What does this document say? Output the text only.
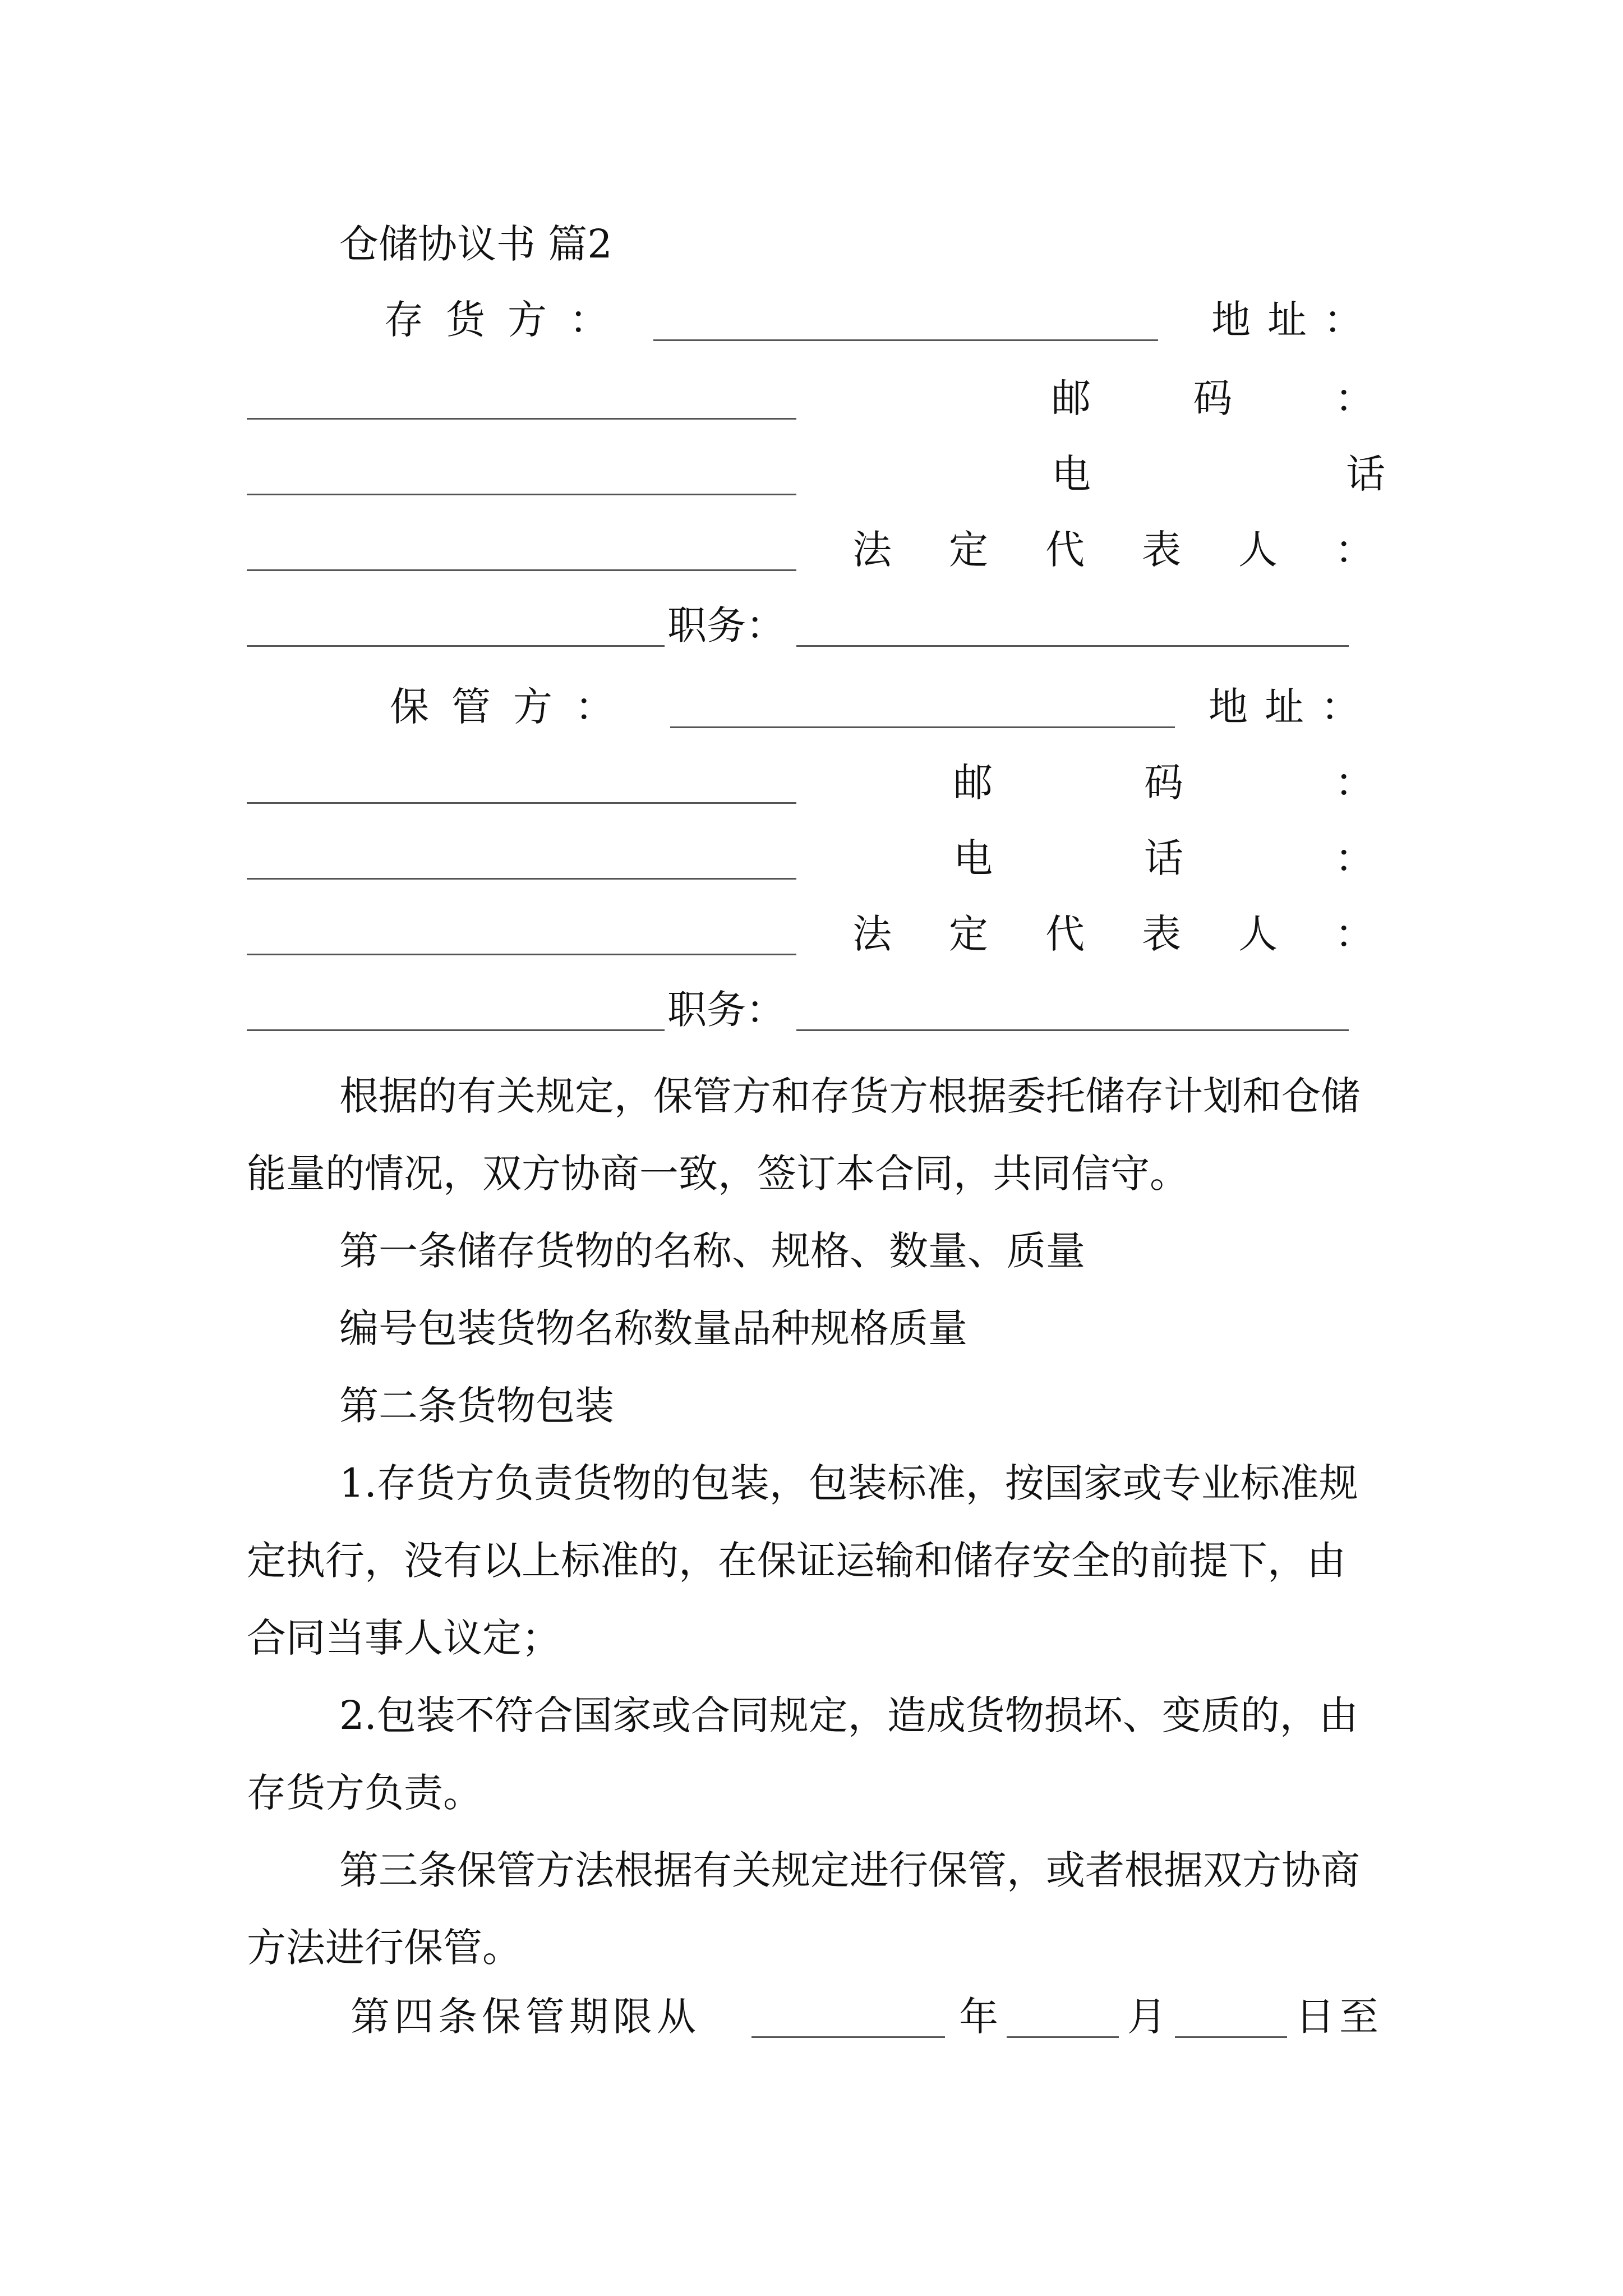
仓储协议书 篇2
存货方：	地址：
邮	码	：
电	话
法 定 代 表 人 ：
职务：
保管方：	地址：
邮	码	：
电	话	：
法 定 代 表 人 ：
职务：

根据的有关规定，保管方和存货方根据委托储存计划和仓储能量的情况，双方协商一致，签订本合同，共同信守。

第一条储存货物的名称、规格、数量、质量

编号包装货物名称数量品种规格质量

第二条货物包装

1.存货方负责货物的包装，包装标准，按国家或专业标准规定执行，没有以上标准的，在保证运输和储存安全的前提下，由合同当事人议定；

2.包装不符合国家或合同规定，造成货物损坏、变质的，由存货方负责。

第三条保管方法根据有关规定进行保管，或者根据双方协商方法进行保管。

第四条保管期限从	年	月	日至
